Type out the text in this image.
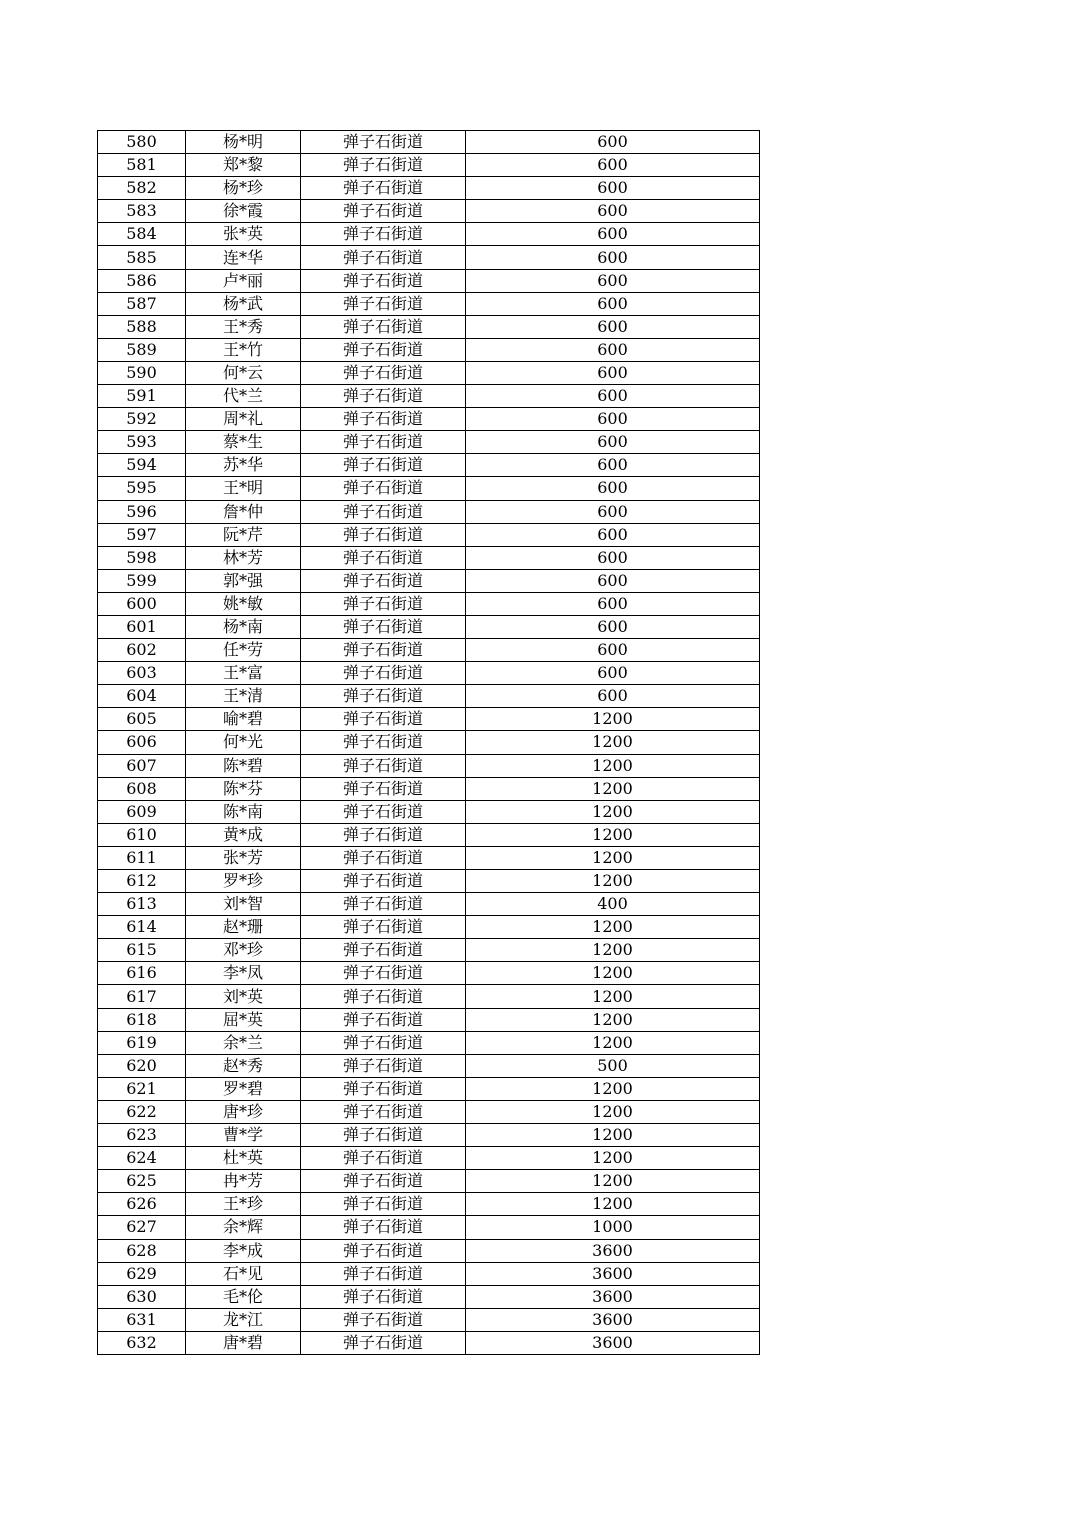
580	杨*明	弹子石街道	600
581	郑*黎	弹子石街道	600
582	杨*珍	弹子石街道	600
583	徐*霞	弹子石街道	600
584	张*英	弹子石街道	600
585	连*华	弹子石街道	600
586	卢*丽	弹子石街道	600
587	杨*武	弹子石街道	600
588	王*秀	弹子石街道	600
589	王*竹	弹子石街道	600
590	何*云	弹子石街道	600
591	代*兰	弹子石街道	600
592	周*礼	弹子石街道	600
593	蔡*生	弹子石街道	600
594	苏*华	弹子石街道	600
595	王*明	弹子石街道	600
596	詹*仲	弹子石街道	600
597	阮*芹	弹子石街道	600
598	林*芳	弹子石街道	600
599	郭*强	弹子石街道	600
600	姚*敏	弹子石街道	600
601	杨*南	弹子石街道	600
602	任*劳	弹子石街道	600
603	王*富	弹子石街道	600
604	王*清	弹子石街道	600
605	喻*碧	弹子石街道	1200
606	何*光	弹子石街道	1200
607	陈*碧	弹子石街道	1200
608	陈*芬	弹子石街道	1200
609	陈*南	弹子石街道	1200
610	黄*成	弹子石街道	1200
611	张*芳	弹子石街道	1200
612	罗*珍	弹子石街道	1200
613	刘*智	弹子石街道	400
614	赵*珊	弹子石街道	1200
615	邓*珍	弹子石街道	1200
616	李*凤	弹子石街道	1200
617	刘*英	弹子石街道	1200
618	屈*英	弹子石街道	1200
619	余*兰	弹子石街道	1200
620	赵*秀	弹子石街道	500
621	罗*碧	弹子石街道	1200
622	唐*珍	弹子石街道	1200
623	曹*学	弹子石街道	1200
624	杜*英	弹子石街道	1200
625	冉*芳	弹子石街道	1200
626	王*珍	弹子石街道	1200
627	余*辉	弹子石街道	1000
628	李*成	弹子石街道	3600
629	石*见	弹子石街道	3600
630	毛*伦	弹子石街道	3600
631	龙*江	弹子石街道	3600
632	唐*碧	弹子石街道	3600
